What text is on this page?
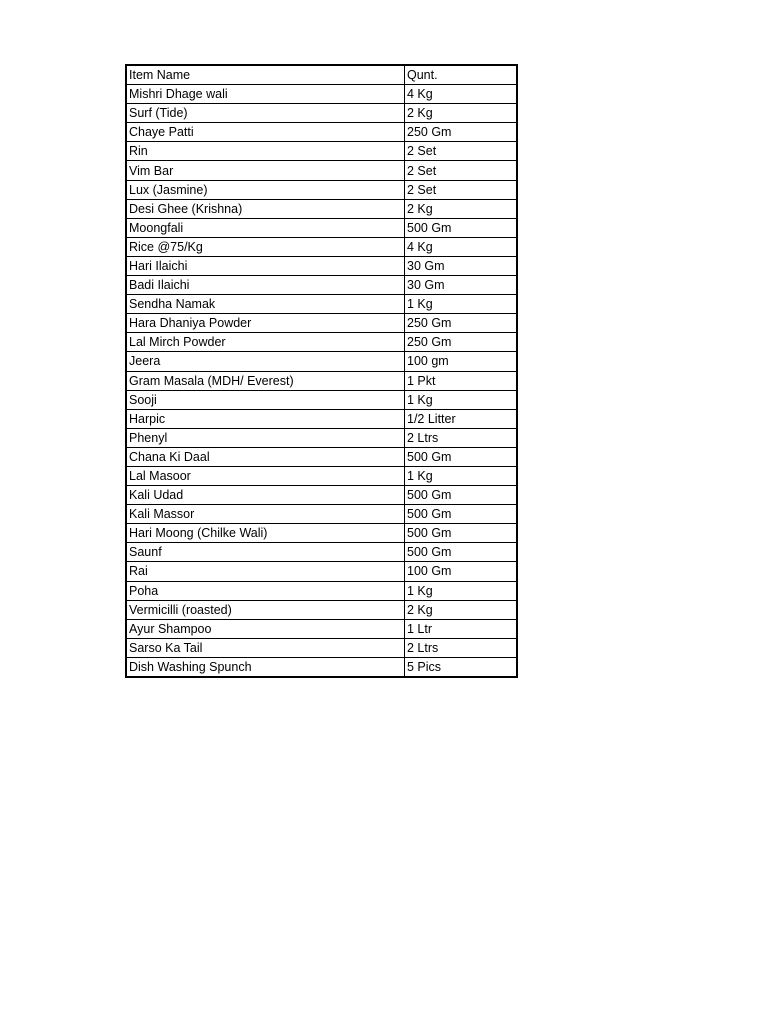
Item Name	Qunt.
Mishri Dhage wali	4 Kg
Surf (Tide)	2 Kg
Chaye Patti	250 Gm
Rin	2 Set
Vim Bar	2 Set
Lux (Jasmine)	2 Set
Desi Ghee (Krishna)	2 Kg
Moongfali	500 Gm
Rice @75/Kg	4 Kg
Hari Ilaichi	30 Gm
Badi Ilaichi	30 Gm
Sendha Namak	1 Kg
Hara Dhaniya Powder	250 Gm
Lal Mirch Powder	250 Gm
Jeera	100 gm
Gram Masala (MDH/ Everest)	1 Pkt
Sooji	1 Kg
Harpic	1/2 Litter
Phenyl	2 Ltrs
Chana Ki Daal	500 Gm
Lal Masoor	1 Kg
Kali Udad	500 Gm
Kali Massor	500 Gm
Hari Moong (Chilke Wali)	500 Gm
Saunf	500 Gm
Rai	100 Gm
Poha	1 Kg
Vermicilli (roasted)	2 Kg
Ayur Shampoo	1 Ltr
Sarso Ka Tail	2 Ltrs
Dish Washing Spunch	5 Pics
